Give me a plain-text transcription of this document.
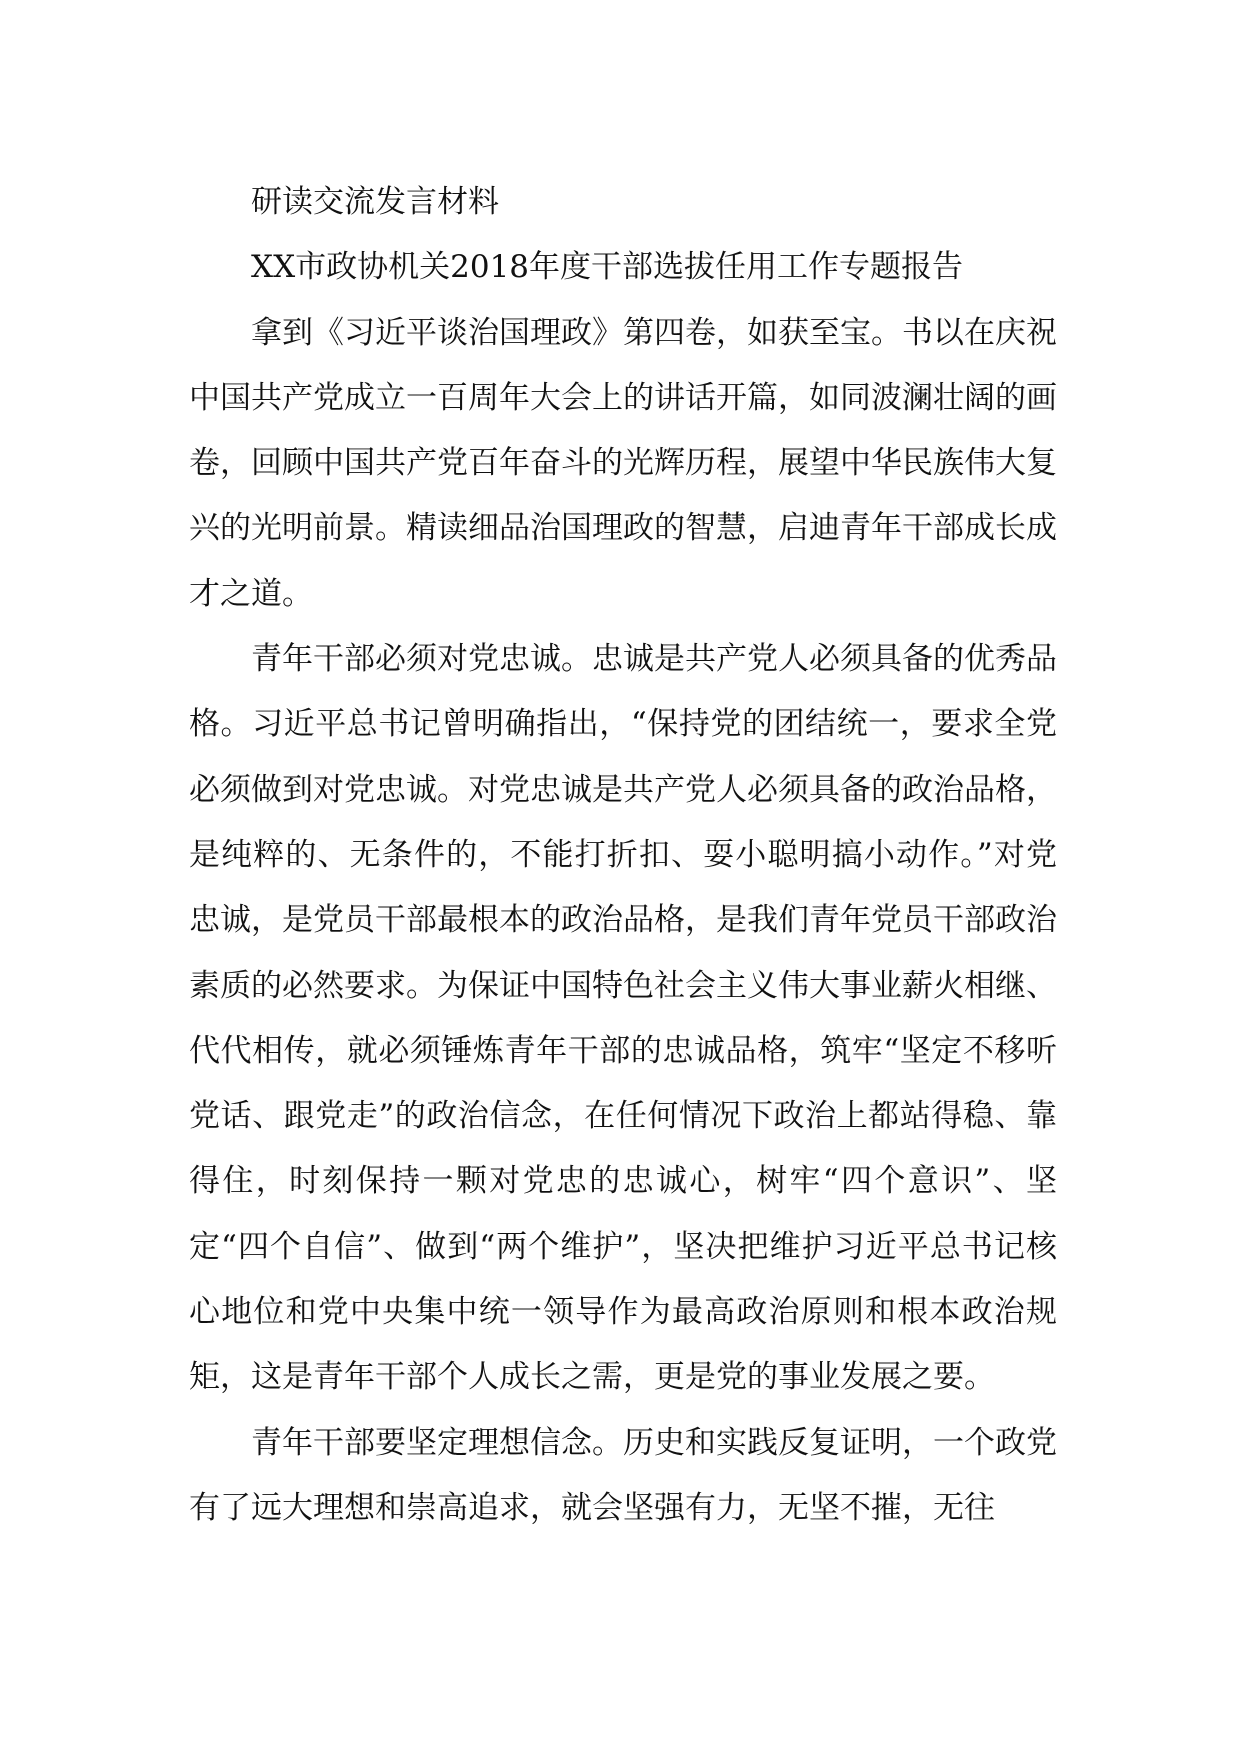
研读交流发言材料
XX市政协机关2018年度干部选拔任用工作专题报告

拿到《习近平谈治国理政》第四卷，如获至宝。书以在庆祝中国共产党成立一百周年大会上的讲话开篇，如同波澜壮阔的画卷，回顾中国共产党百年奋斗的光辉历程，展望中华民族伟大复兴的光明前景。精读细品治国理政的智慧，启迪青年干部成长成才之道。

青年干部必须对党忠诚。忠诚是共产党人必须具备的优秀品格。习近平总书记曾明确指出，“保持党的团结统一，要求全党必须做到对党忠诚。对党忠诚是共产党人必须具备的政治品格，是纯粹的、无条件的，不能打折扣、耍小聪明搞小动作。”对党忠诚，是党员干部最根本的政治品格，是我们青年党员干部政治素质的必然要求。为保证中国特色社会主义伟大事业薪火相继、代代相传，就必须锤炼青年干部的忠诚品格，筑牢“坚定不移听党话、跟党走”的政治信念，在任何情况下政治上都站得稳、靠得住，时刻保持一颗对党忠的忠诚心，树牢“四个意识”、坚定“四个自信”、做到“两个维护”，坚决把维护习近平总书记核心地位和党中央集中统一领导作为最高政治原则和根本政治规矩，这是青年干部个人成长之需，更是党的事业发展之要。

青年干部要坚定理想信念。历史和实践反复证明，一个政党有了远大理想和崇高追求，就会坚强有力，无坚不摧，无往
